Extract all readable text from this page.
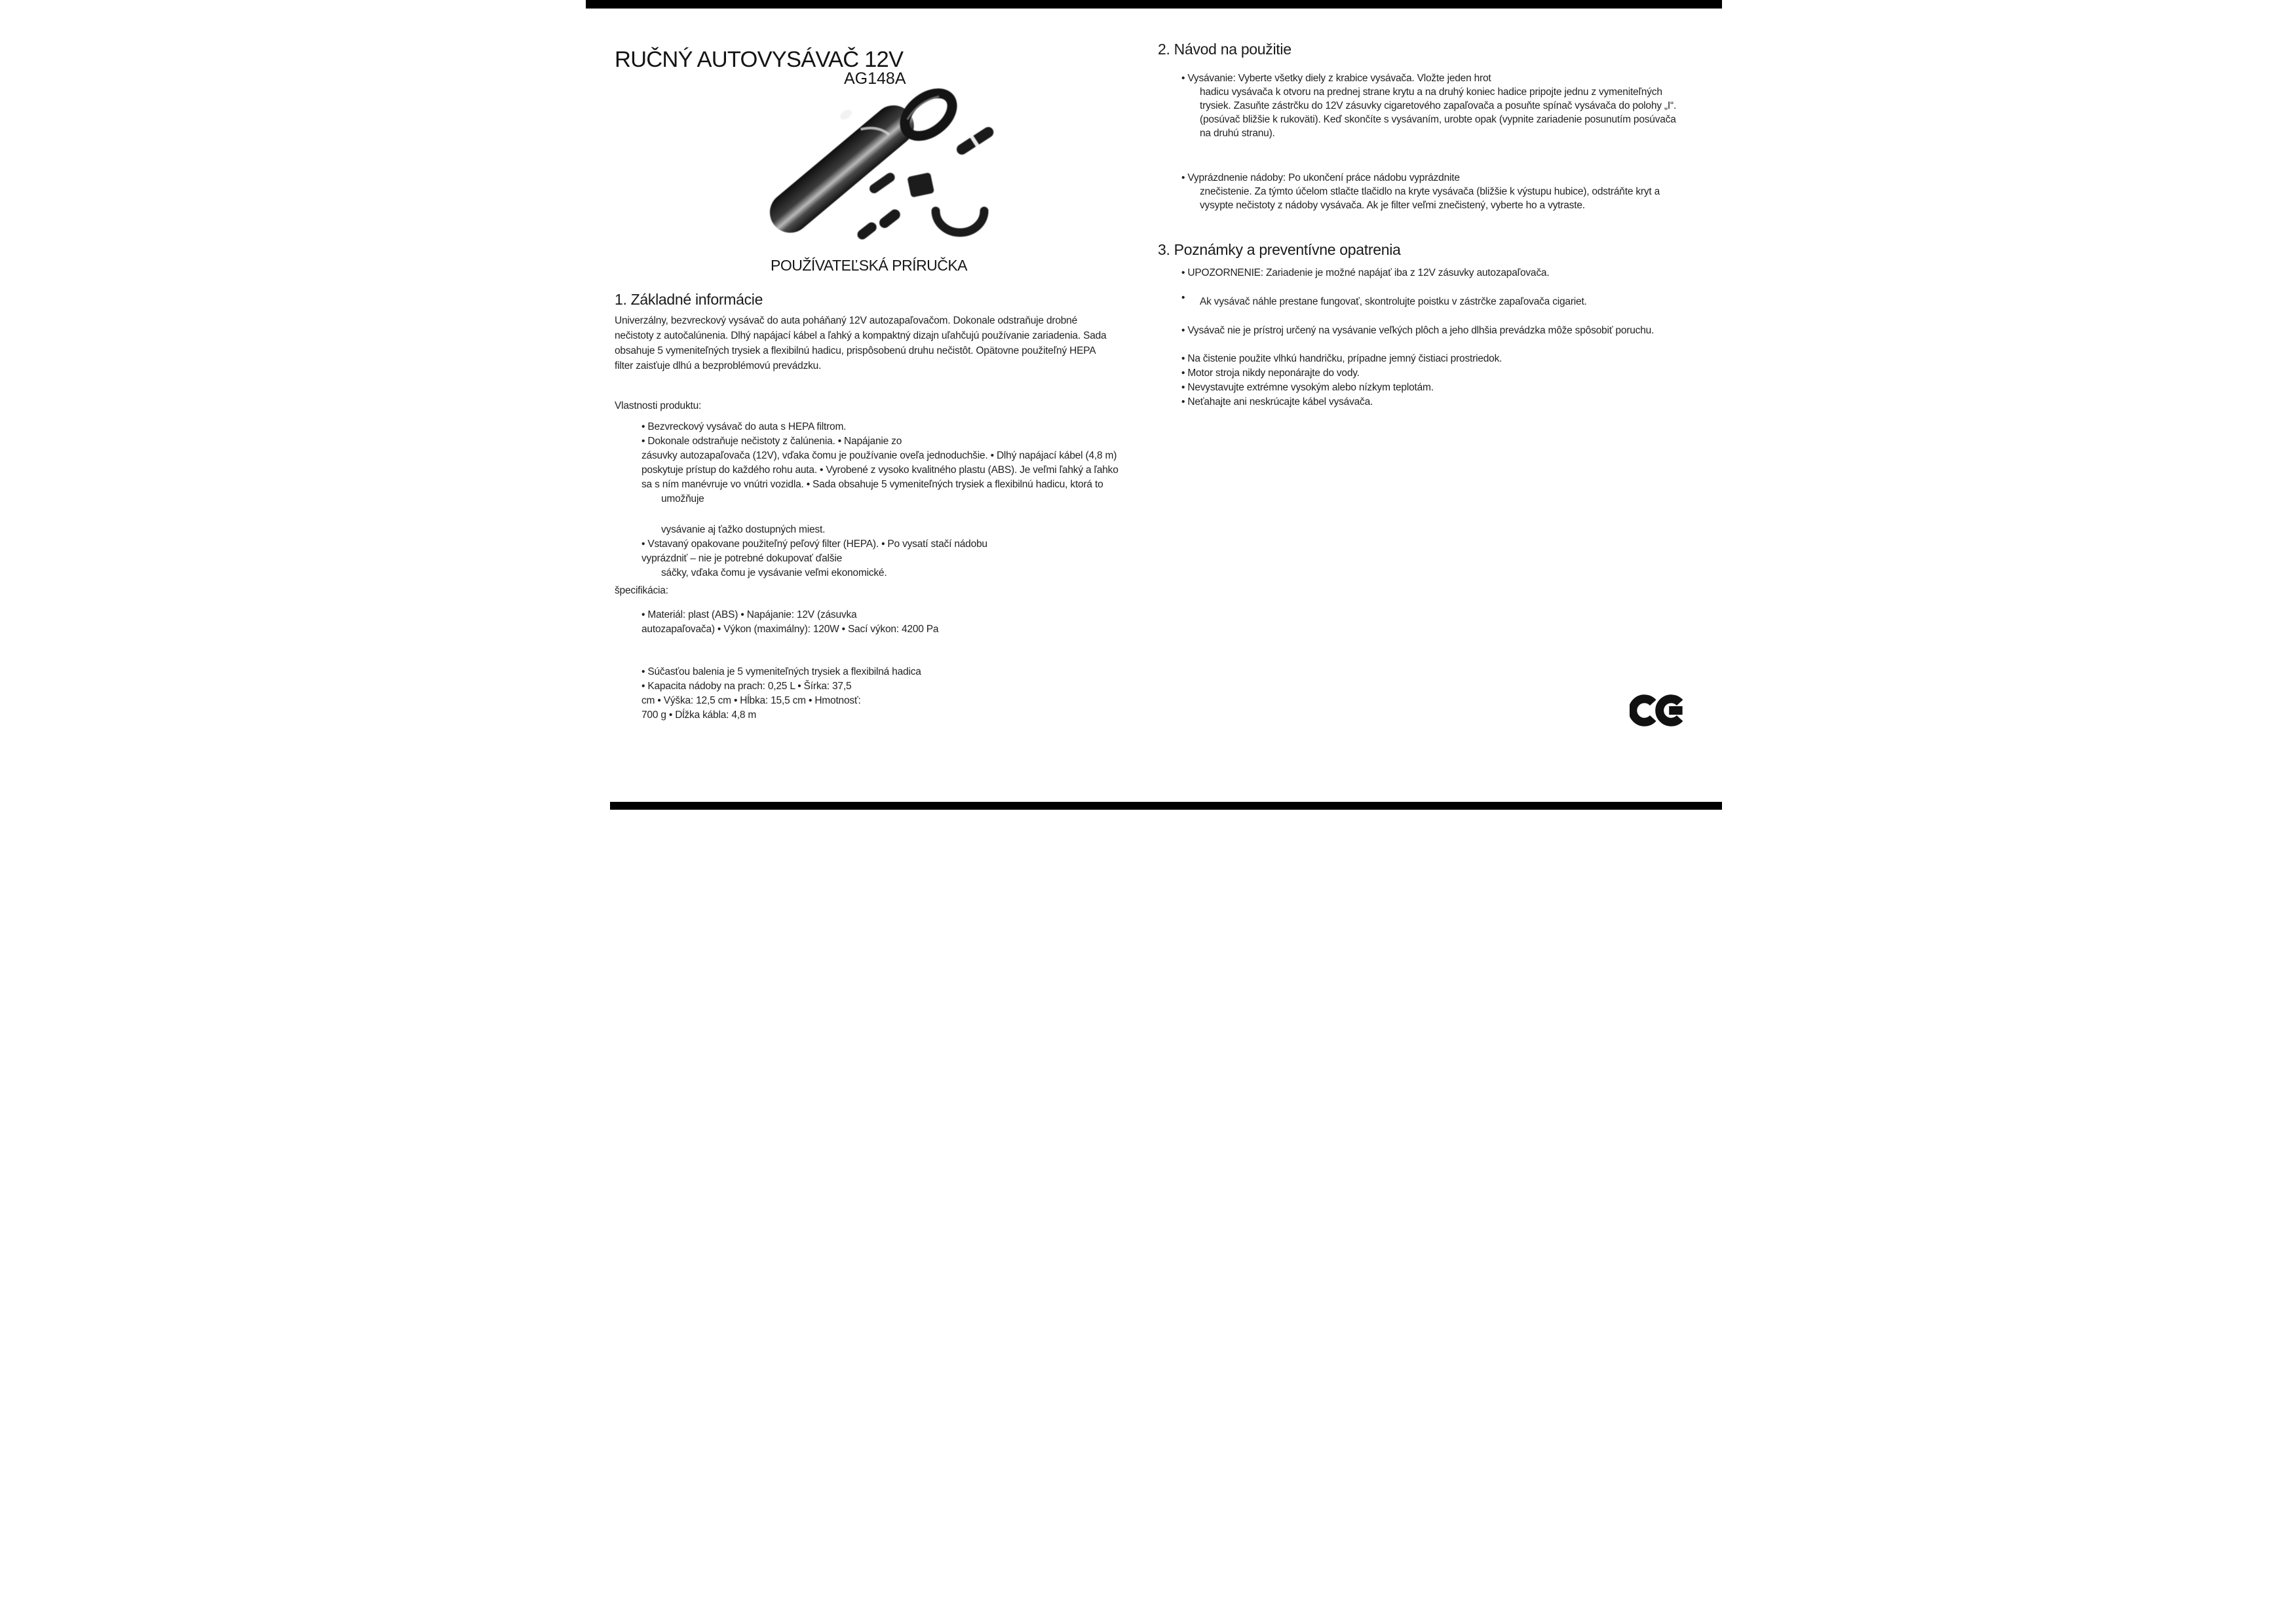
RUČNÝ AUTOVYSÁVAČ 12V
AG148A
POUŽÍVATEĽSKÁ PRÍRUČKA
1. Základné informácie
Univerzálny, bezvreckový vysávač do auta poháňaný 12V autozapaľovačom. Dokonale odstraňuje drobné
nečistoty z autočalúnenia. Dlhý napájací kábel a ľahký a kompaktný dizajn uľahčujú používanie zariadenia. Sada
obsahuje 5 vymeniteľných trysiek a flexibilnú hadicu, prispôsobenú druhu nečistôt. Opätovne použiteľný HEPA
filter zaisťuje dlhú a bezproblémovú prevádzku.
Vlastnosti produktu:
• Bezvreckový vysávač do auta s HEPA filtrom.
• Dokonale odstraňuje nečistoty z čalúnenia. • Napájanie zo
zásuvky autozapaľovača (12V), vďaka čomu je používanie oveľa jednoduchšie. • Dlhý napájací kábel (4,8 m)
poskytuje prístup do každého rohu auta. • Vyrobené z vysoko kvalitného plastu (ABS). Je veľmi ľahký a ľahko
sa s ním manévruje vo vnútri vozidla. • Sada obsahuje 5 vymeniteľných trysiek a flexibilnú hadicu, ktorá to
umožňuje
vysávanie aj ťažko dostupných miest.
• Vstavaný opakovane použiteľný peľový filter (HEPA). • Po vysatí stačí nádobu
vyprázdniť – nie je potrebné dokupovať ďalšie
sáčky, vďaka čomu je vysávanie veľmi ekonomické.
špecifikácia:
• Materiál: plast (ABS) • Napájanie: 12V (zásuvka
autozapaľovača) • Výkon (maximálny): 120W • Sací výkon: 4200 Pa
• Súčasťou balenia je 5 vymeniteľných trysiek a flexibilná hadica
• Kapacita nádoby na prach: 0,25 L • Šírka: 37,5
cm • Výška: 12,5 cm • Hĺbka: 15,5 cm • Hmotnosť:
700 g • Dĺžka kábla: 4,8 m
2. Návod na použitie
• Vysávanie: Vyberte všetky diely z krabice vysávača. Vložte jeden hrot
hadicu vysávača k otvoru na prednej strane krytu a na druhý koniec hadice pripojte jednu z vymeniteľných
trysiek. Zasuňte zástrčku do 12V zásuvky cigaretového zapaľovača a posuňte spínač vysávača do polohy „I“.
(posúvač bližšie k rukoväti). Keď skončíte s vysávaním, urobte opak (vypnite zariadenie posunutím posúvača
na druhú stranu).
• Vyprázdnenie nádoby: Po ukončení práce nádobu vyprázdnite
znečistenie. Za týmto účelom stlačte tlačidlo na kryte vysávača (bližšie k výstupu hubice), odstráňte kryt a
vysypte nečistoty z nádoby vysávača. Ak je filter veľmi znečistený, vyberte ho a vytraste.
3. Poznámky a preventívne opatrenia
• UPOZORNENIE: Zariadenie je možné napájať iba z 12V zásuvky autozapaľovača.
• Ak vysávač náhle prestane fungovať, skontrolujte poistku v zástrčke zapaľovača cigariet.
• Vysávač nie je prístroj určený na vysávanie veľkých plôch a jeho dlhšia prevádzka môže spôsobiť poruchu.
• Na čistenie použite vlhkú handričku, prípadne jemný čistiaci prostriedok.
• Motor stroja nikdy neponárajte do vody.
• Nevystavujte extrémne vysokým alebo nízkym teplotám.
• Neťahajte ani neskrúcajte kábel vysávača.
